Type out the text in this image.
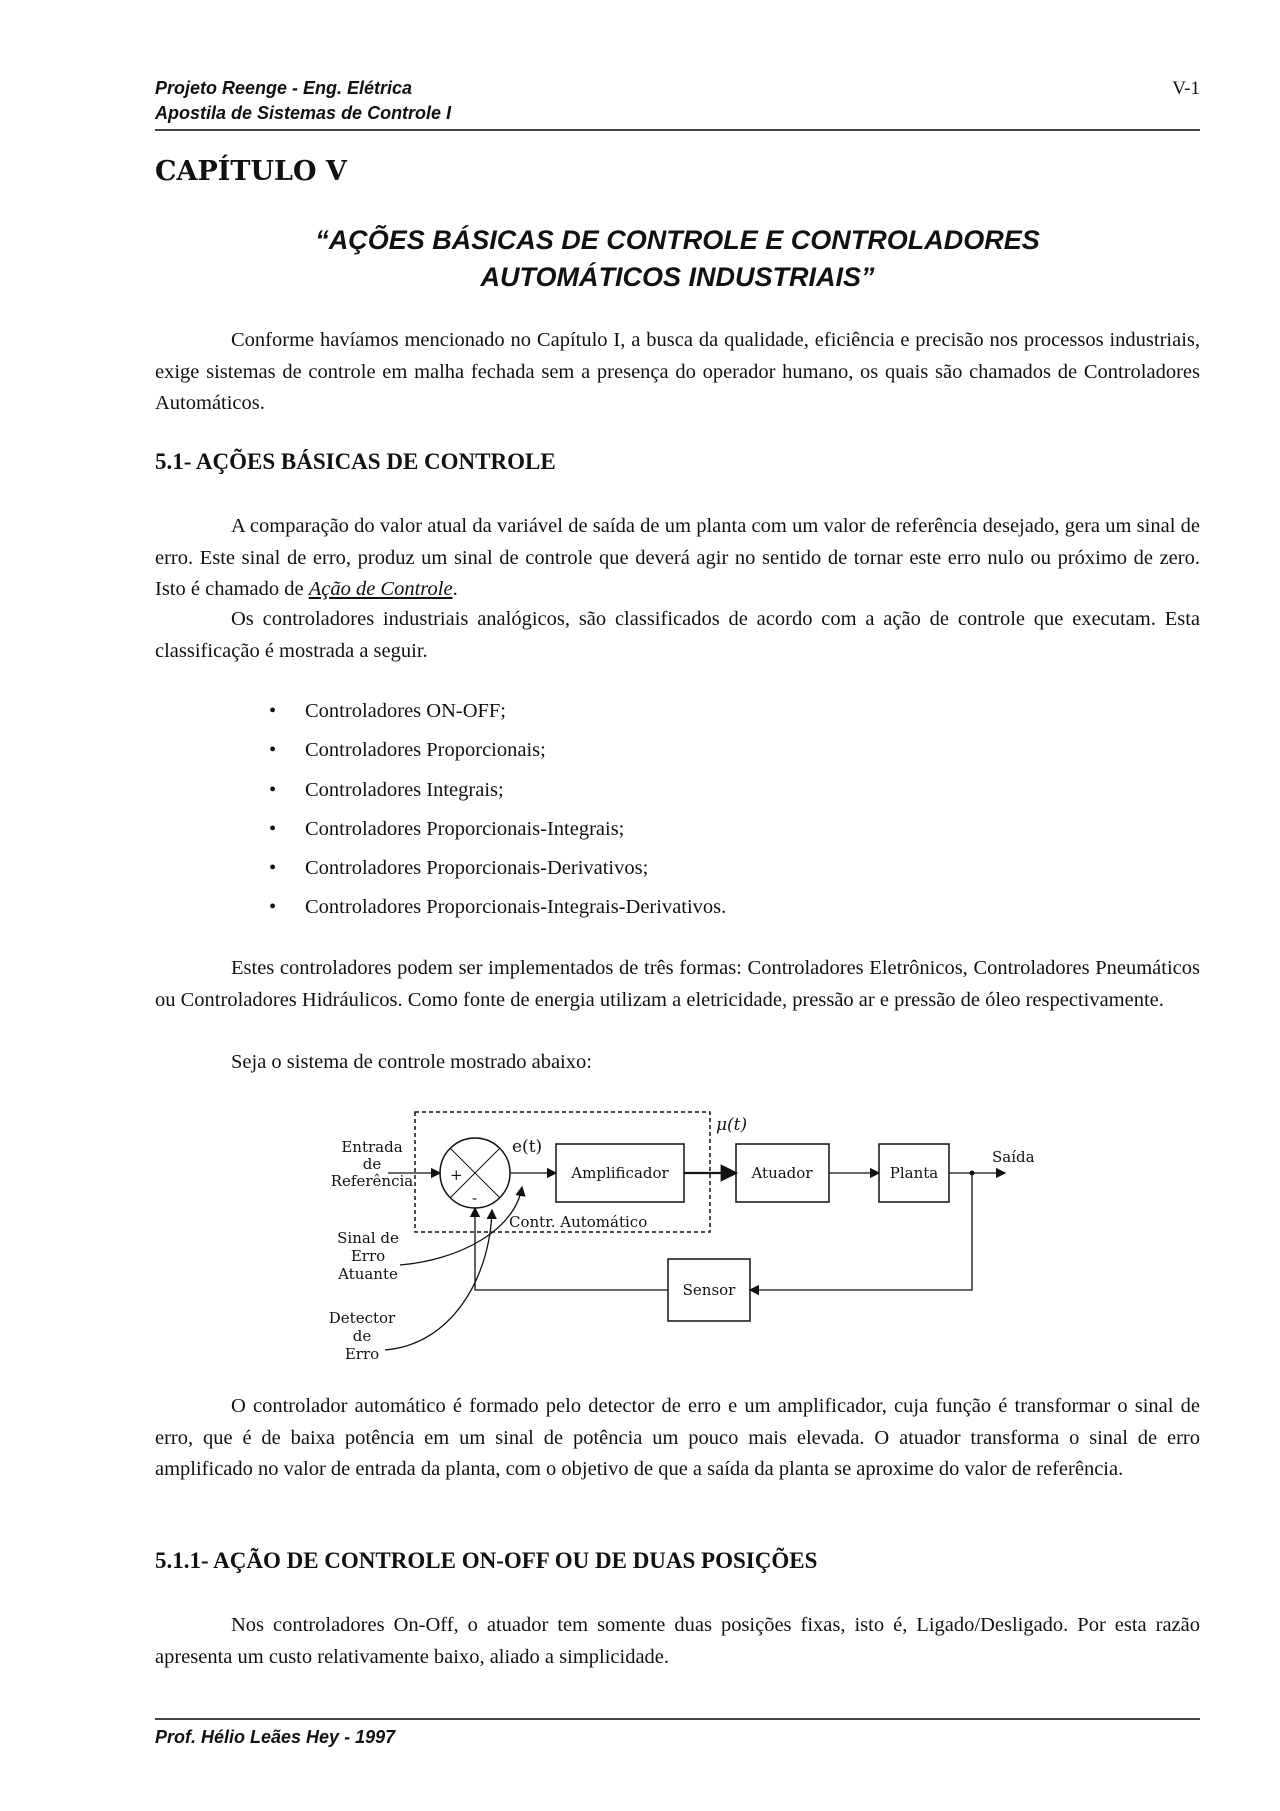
Projeto Reenge - Eng. Elétrica
Apostila de Sistemas de Controle I
V-1
CAPÍTULO V
“AÇÕES BÁSICAS DE CONTROLE E CONTROLADORES
AUTOMÁTICOS INDUSTRIAIS”
Conforme havíamos mencionado no Capítulo I, a busca da qualidade, eficiência e precisão nos processos industriais, exige sistemas de controle em malha fechada sem a presença do operador humano, os quais são chamados de Controladores Automáticos.
5.1- AÇÕES BÁSICAS DE CONTROLE
A comparação do valor atual da variável de saída de um planta com um valor de referência desejado, gera um sinal de erro. Este sinal de erro, produz um sinal de controle que deverá agir no sentido de tornar este erro nulo ou próximo de zero. Isto é chamado de Ação de Controle.
Os controladores industriais analógicos, são classificados de acordo com a ação de controle que executam. Esta classificação é mostrada a seguir.
• Controladores ON-OFF;
• Controladores Proporcionais;
• Controladores Integrais;
• Controladores Proporcionais-Integrais;
• Controladores Proporcionais-Derivativos;
• Controladores Proporcionais-Integrais-Derivativos.
Estes controladores podem ser implementados de três formas: Controladores Eletrônicos, Controladores Pneumáticos ou Controladores Hidráulicos. Como fonte de energia utilizam a eletricidade, pressão ar e pressão de óleo respectivamente.
Seja o sistema de controle mostrado abaixo:
+
-
Amplificador	Atuador	Planta
Sensor
e(t)
μ(t)
Saída
Contr. Automático
Entrada
de
Referência
Sinal de
Erro
Atuante
Detector
de
Erro
O controlador automático é formado pelo detector de erro e um amplificador, cuja função é transformar o sinal de erro, que é de baixa potência em um sinal de potência um pouco mais elevada. O atuador transforma o sinal de erro amplificado no valor de entrada da planta, com o objetivo de que a saída da planta se aproxime do valor de referência.
5.1.1- AÇÃO DE CONTROLE ON-OFF OU DE DUAS POSIÇÕES
Nos controladores On-Off, o atuador tem somente duas posições fixas, isto é, Ligado/Desligado. Por esta razão apresenta um custo relativamente baixo, aliado a simplicidade.
Prof. Hélio Leães Hey - 1997
